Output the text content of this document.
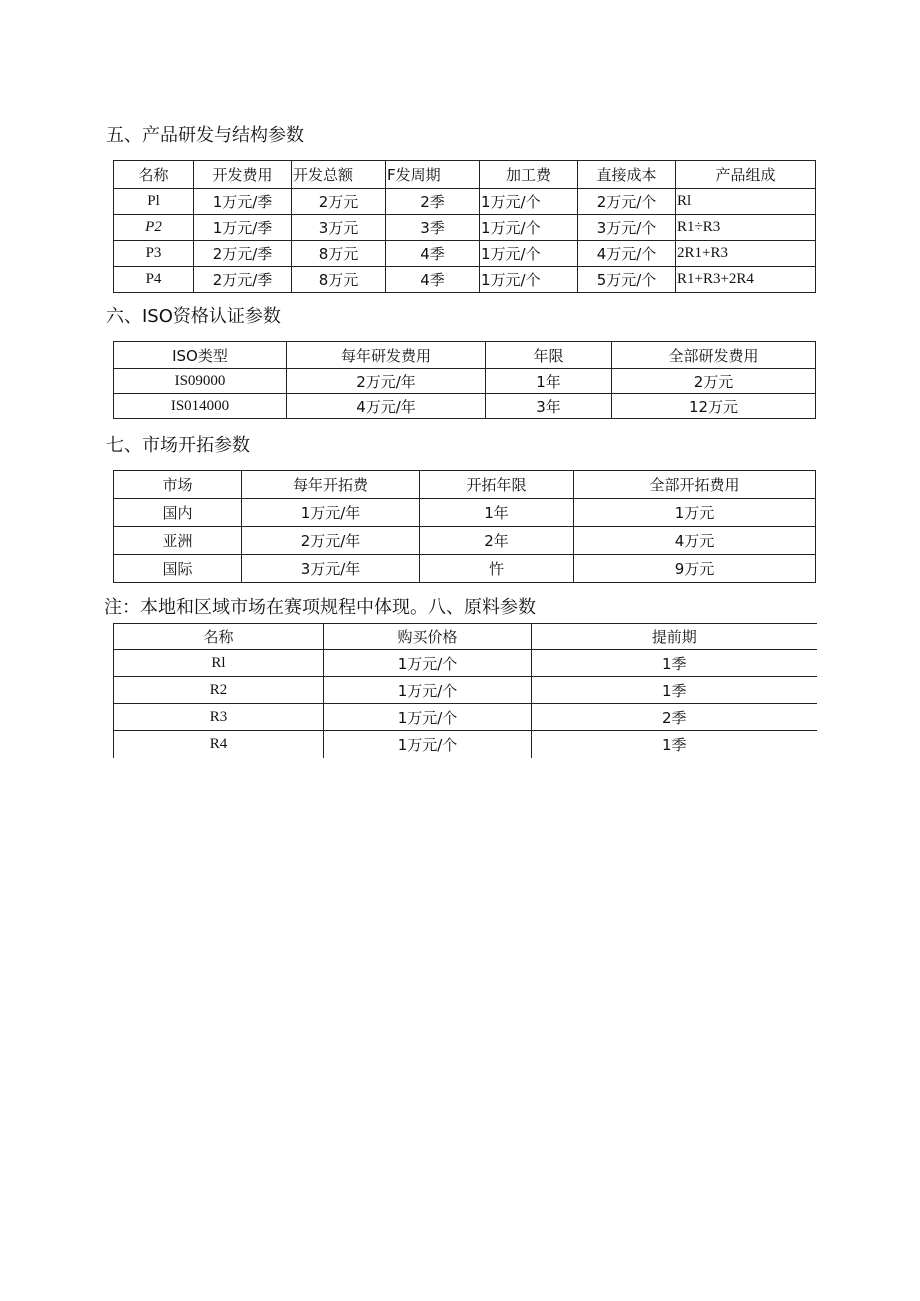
五、产品研发与结构参数
名称	开发费用	开发总额	F发周期	加工费	直接成本	产品组成
Pl	1万元/季	2万元	2季	1万元/个	2万元/个	Rl
P2	1万元/季	3万元	3季	1万元/个	3万元/个	R1÷R3
P3	2万元/季	8万元	4季	1万元/个	4万元/个	2R1+R3
P4	2万元/季	8万元	4季	1万元/个	5万元/个	R1+R3+2R4
六、ISO资格认证参数
ISO类型	每年研发费用	年限	全部研发费用
IS09000	2万元/年	1年	2万元
IS014000	4万元/年	3年	12万元
七、市场开拓参数
市场	每年开拓费	开拓年限	全部开拓费用
国内	1万元/年	1年	1万元
亚洲	2万元/年	2年	4万元
国际	3万元/年	忤	9万元
注：本地和区域市场在赛项规程中体现。八、原料参数
名称	购买价格	提前期
Rl	1万元/个	1季
R2	1万元/个	1季
R3	1万元/个	2季
R4	1万元/个	1季
